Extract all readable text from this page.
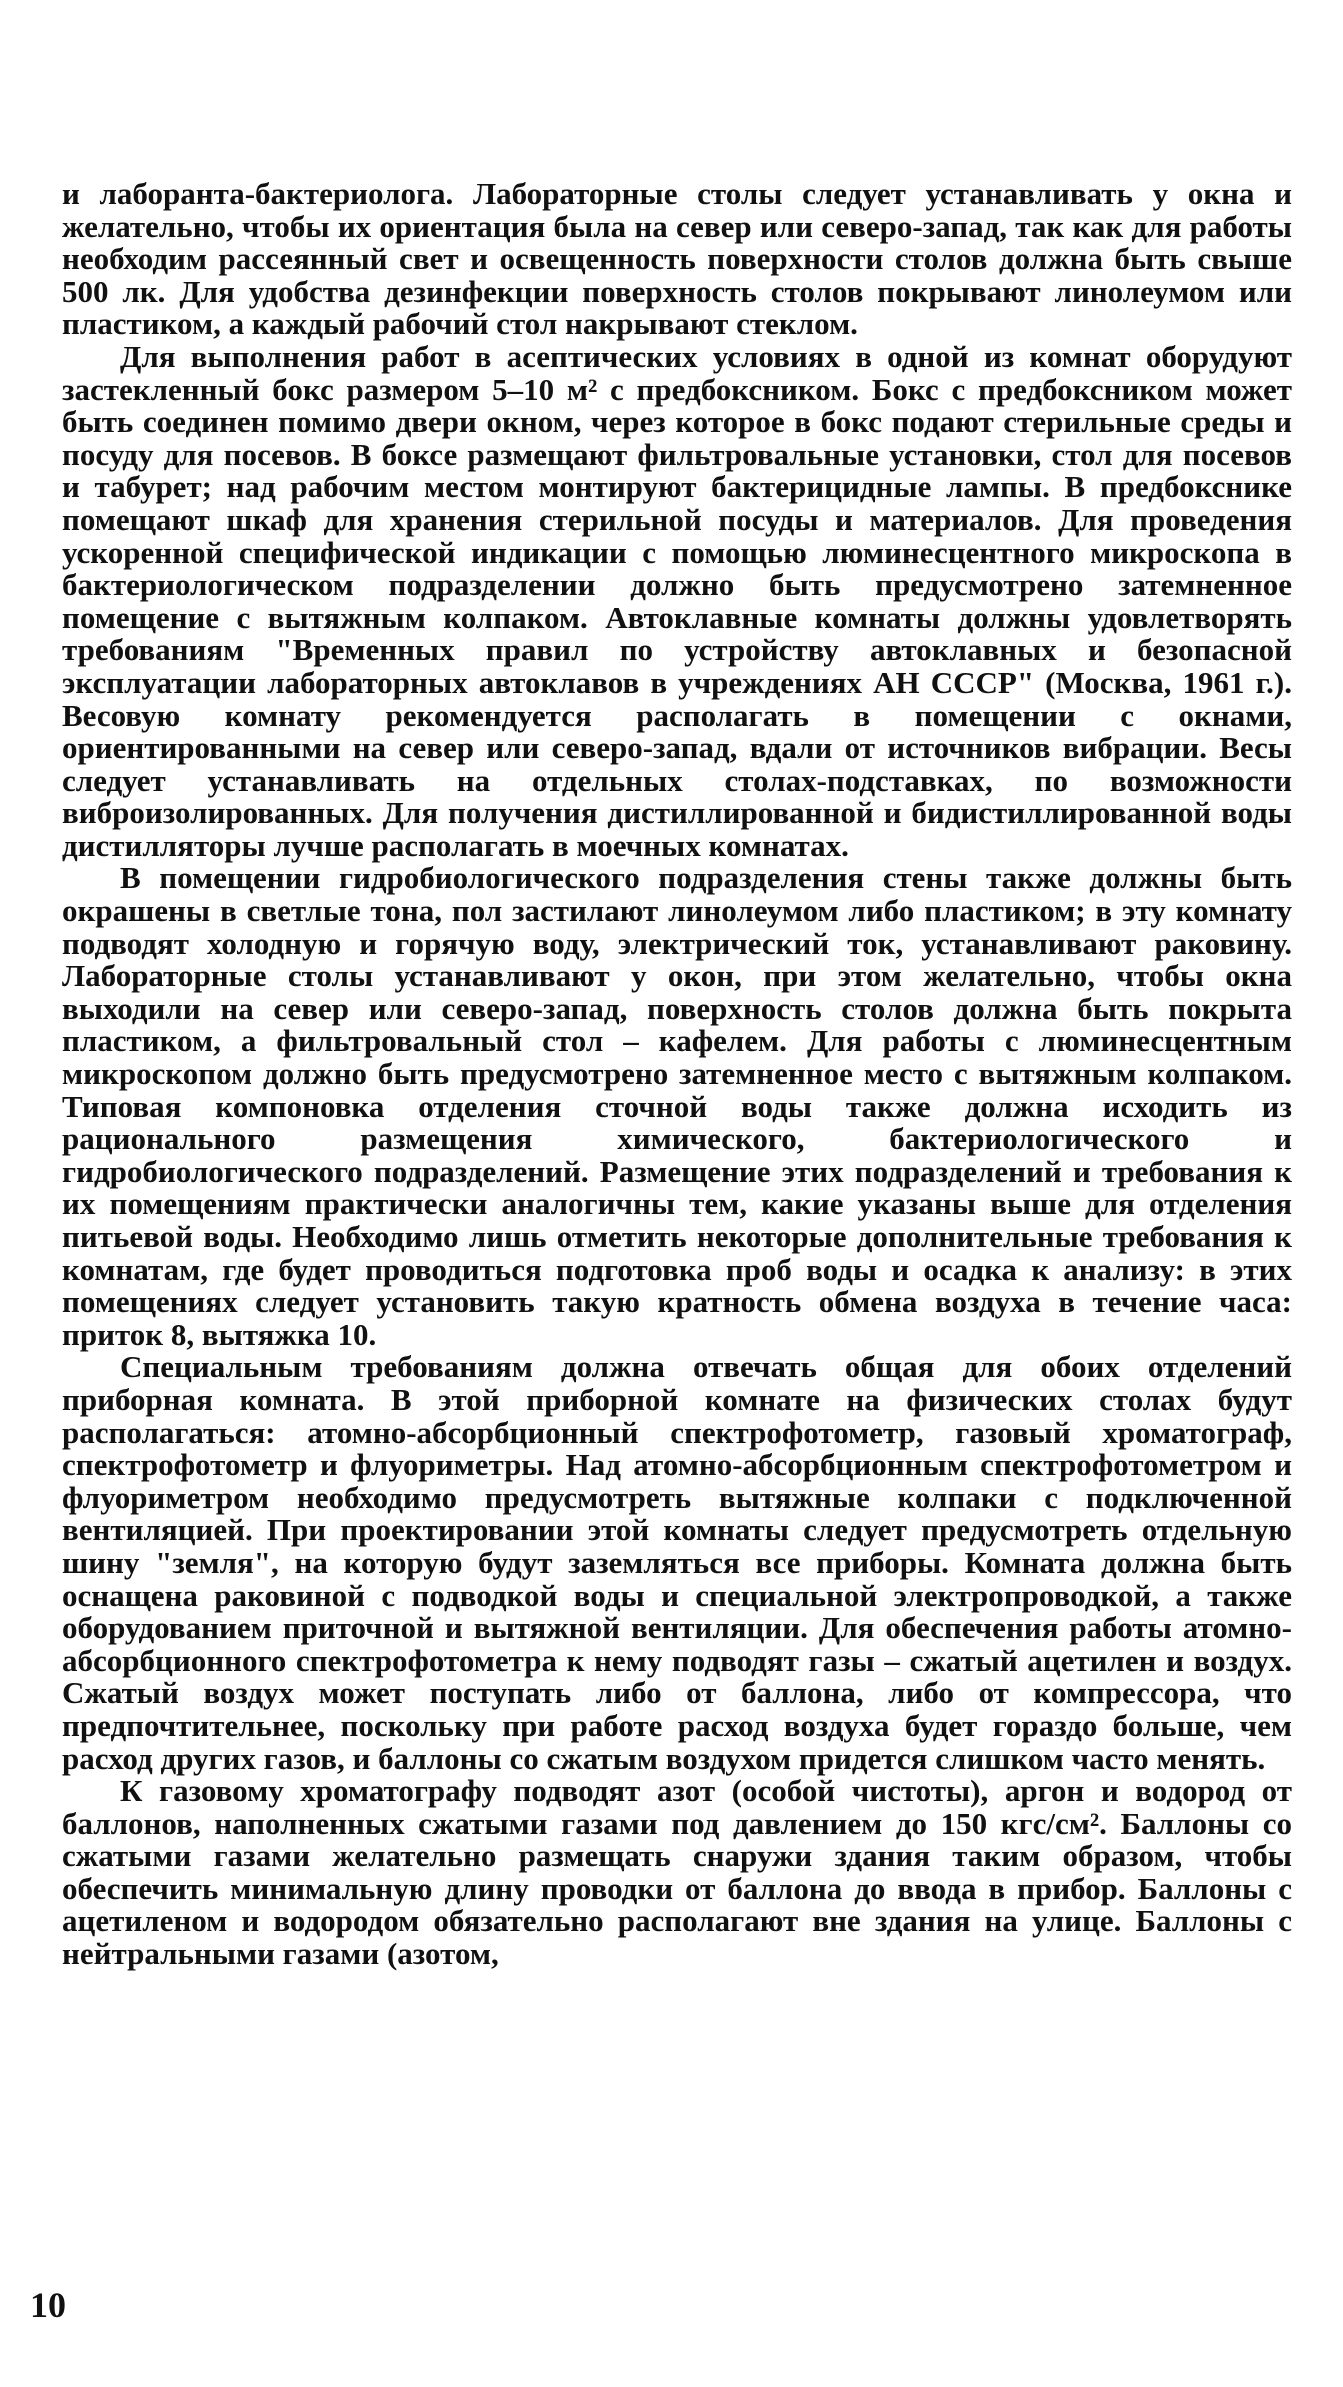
и лаборанта-бактериолога. Лабораторные столы следует устанавливать у окна и желательно, чтобы их ориентация была на север или северо-запад, так как для работы необходим рассеянный свет и освещенность поверхности столов должна быть свыше 500 лк. Для удобства дезинфекции поверхность столов покрывают линолеумом или пластиком, а каждый рабочий стол накрывают стеклом.

Для выполнения работ в асептических условиях в одной из комнат оборудуют застекленный бокс размером 5–10 м² с предбоксником. Бокс с предбоксником может быть соединен помимо двери окном, через которое в бокс подают стерильные среды и посуду для посевов. В боксе размещают фильтровальные установки, стол для посевов и табурет; над рабочим местом монтируют бактерицидные лампы. В предбокснике помещают шкаф для хранения стерильной посуды и материалов. Для проведения ускоренной специфической индикации с помощью люминесцентного микроскопа в бактериологическом подразделении должно быть предусмотрено затемненное помещение с вытяжным колпаком. Автоклавные комнаты должны удовлетворять требованиям "Временных правил по устройству автоклавных и безопасной эксплуатации лабораторных автоклавов в учреждениях АН СССР" (Москва, 1961 г.). Весовую комнату рекомендуется располагать в помещении с окнами, ориентированными на север или северо-запад, вдали от источников вибрации. Весы следует устанавливать на отдельных столах-подставках, по возможности виброизолированных. Для получения дистиллированной и бидистиллированной воды дистилляторы лучше располагать в моечных комнатах.

В помещении гидробиологического подразделения стены также должны быть окрашены в светлые тона, пол застилают линолеумом либо пластиком; в эту комнату подводят холодную и горячую воду, электрический ток, устанавливают раковину. Лабораторные столы устанавливают у окон, при этом желательно, чтобы окна выходили на север или северо-запад, поверхность столов должна быть покрыта пластиком, а фильтровальный стол – кафелем. Для работы с люминесцентным микроскопом должно быть предусмотрено затемненное место с вытяжным колпаком. Типовая компоновка отделения сточной воды также должна исходить из рационального размещения химического, бактериологического и гидробиологического подразделений. Размещение этих подразделений и требования к их помещениям практически аналогичны тем, какие указаны выше для отделения питьевой воды. Необходимо лишь отметить некоторые дополнительные требования к комнатам, где будет проводиться подготовка проб воды и осадка к анализу: в этих помещениях следует установить такую кратность обмена воздуха в течение часа: приток 8, вытяжка 10.

Специальным требованиям должна отвечать общая для обоих отделений приборная комната. В этой приборной комнате на физических столах будут располагаться: атомно-абсорбционный спектрофотометр, газовый хроматограф, спектрофотометр и флуориметры. Над атомно-абсорбционным спектрофотометром и флуориметром необходимо предусмотреть вытяжные колпаки с подключенной вентиляцией. При проектировании этой комнаты следует предусмотреть отдельную шину "земля", на которую будут заземляться все приборы. Комната должна быть оснащена раковиной с подводкой воды и специальной электропроводкой, а также оборудованием приточной и вытяжной вентиляции. Для обеспечения работы атомно-абсорбционного спектрофотометра к нему подводят газы – сжатый ацетилен и воздух. Сжатый воздух может поступать либо от баллона, либо от компрессора, что предпочтительнее, поскольку при работе расход воздуха будет гораздо больше, чем расход других газов, и баллоны со сжатым воздухом придется слишком часто менять.

К газовому хроматографу подводят азот (особой чистоты), аргон и водород от баллонов, наполненных сжатыми газами под давлением до 150 кгс/см². Баллоны со сжатыми газами желательно размещать снаружи здания таким образом, чтобы обеспечить минимальную длину проводки от баллона до ввода в прибор. Баллоны с ацетиленом и водородом обязательно располагают вне здания на улице. Баллоны с нейтральными газами (азотом,

10
